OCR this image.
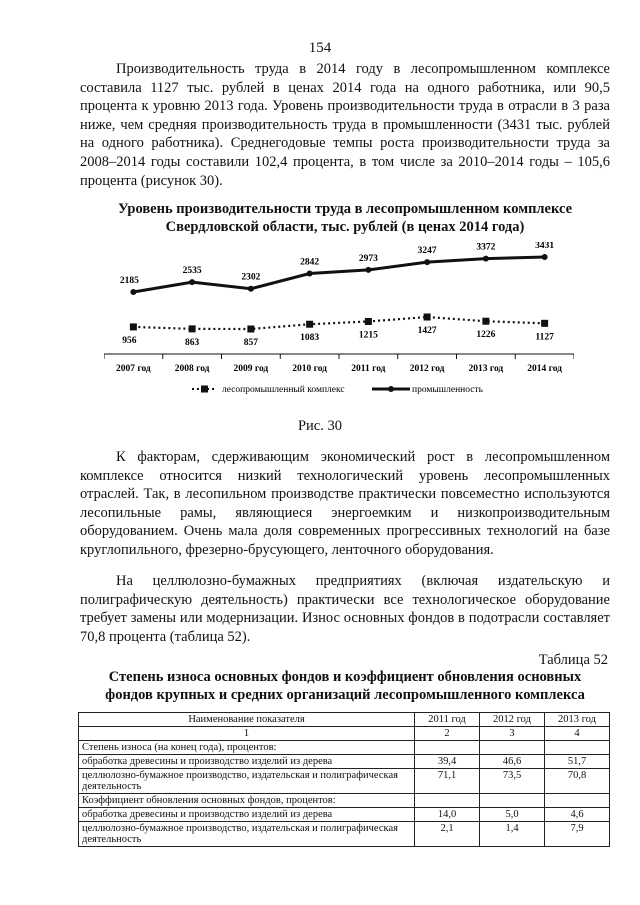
154

Производительность труда в 2014 году в лесопромышленном комплексе составила 1127 тыс. рублей в ценах 2014 года на одного работника, или 90,5 процента к уровню 2013 года. Уровень производительности труда в отрасли в 3 раза ниже, чем средняя производительность труда в промышленности (3431 тыс. рублей на одного работника). Среднегодовые темпы роста производительности труда за 2008–2014 годы составили 102,4 процента, в том числе за 2010–2014 годы – 105,6 процента (рисунок 30).

Уровень производительности труда в лесопромышленном комплексе
Свердловской области, тыс. рублей (в ценах 2014 года)
2007 год	2008 год	2009 год	2010 год	2011 год	2012 год	2013 год	2014 год
2185
2535
2302
2842	2973
3247	3372	3431
956	863	857	1083	1215	1427	1226	1127
лесопромышленный комплекс	промышленность
Рис. 30

К факторам, сдерживающим экономический рост в лесопромышленном комплексе относится низкий технологический уровень лесопромышленных отраслей. Так, в лесопильном производстве практически повсеместно используются лесопильные рамы, являющиеся энергоемким и низкопроизводительным оборудованием. Очень мала доля современных прогрессивных технологий на базе круглопильного, фрезерно-брусующего, ленточного оборудования.

На целлюлозно-бумажных предприятиях (включая издательскую и полиграфическую деятельность) практически все технологическое оборудование требует замены или модернизации. Износ основных фондов в подотрасли составляет 70,8 процента (таблица 52).

Таблица 52
Степень износа основных фондов и коэффициент обновления основных
фондов крупных и средних организаций лесопромышленного комплекса
Наименование показателя	2011 год	2012 год	2013 год
1	2	3	4
Степень износа (на конец года), процентов:			
обработка древесины и производство изделий из дерева	39,4	46,6	51,7
целлюлозно-бумажное производство, издательская и полиграфическая деятельность	71,1	73,5	70,8
Коэффициент обновления основных фондов, процентов:			
обработка древесины и производство изделий из дерева	14,0	5,0	4,6
целлюлозно-бумажное производство, издательская и полиграфическая деятельность	2,1	1,4	7,9
